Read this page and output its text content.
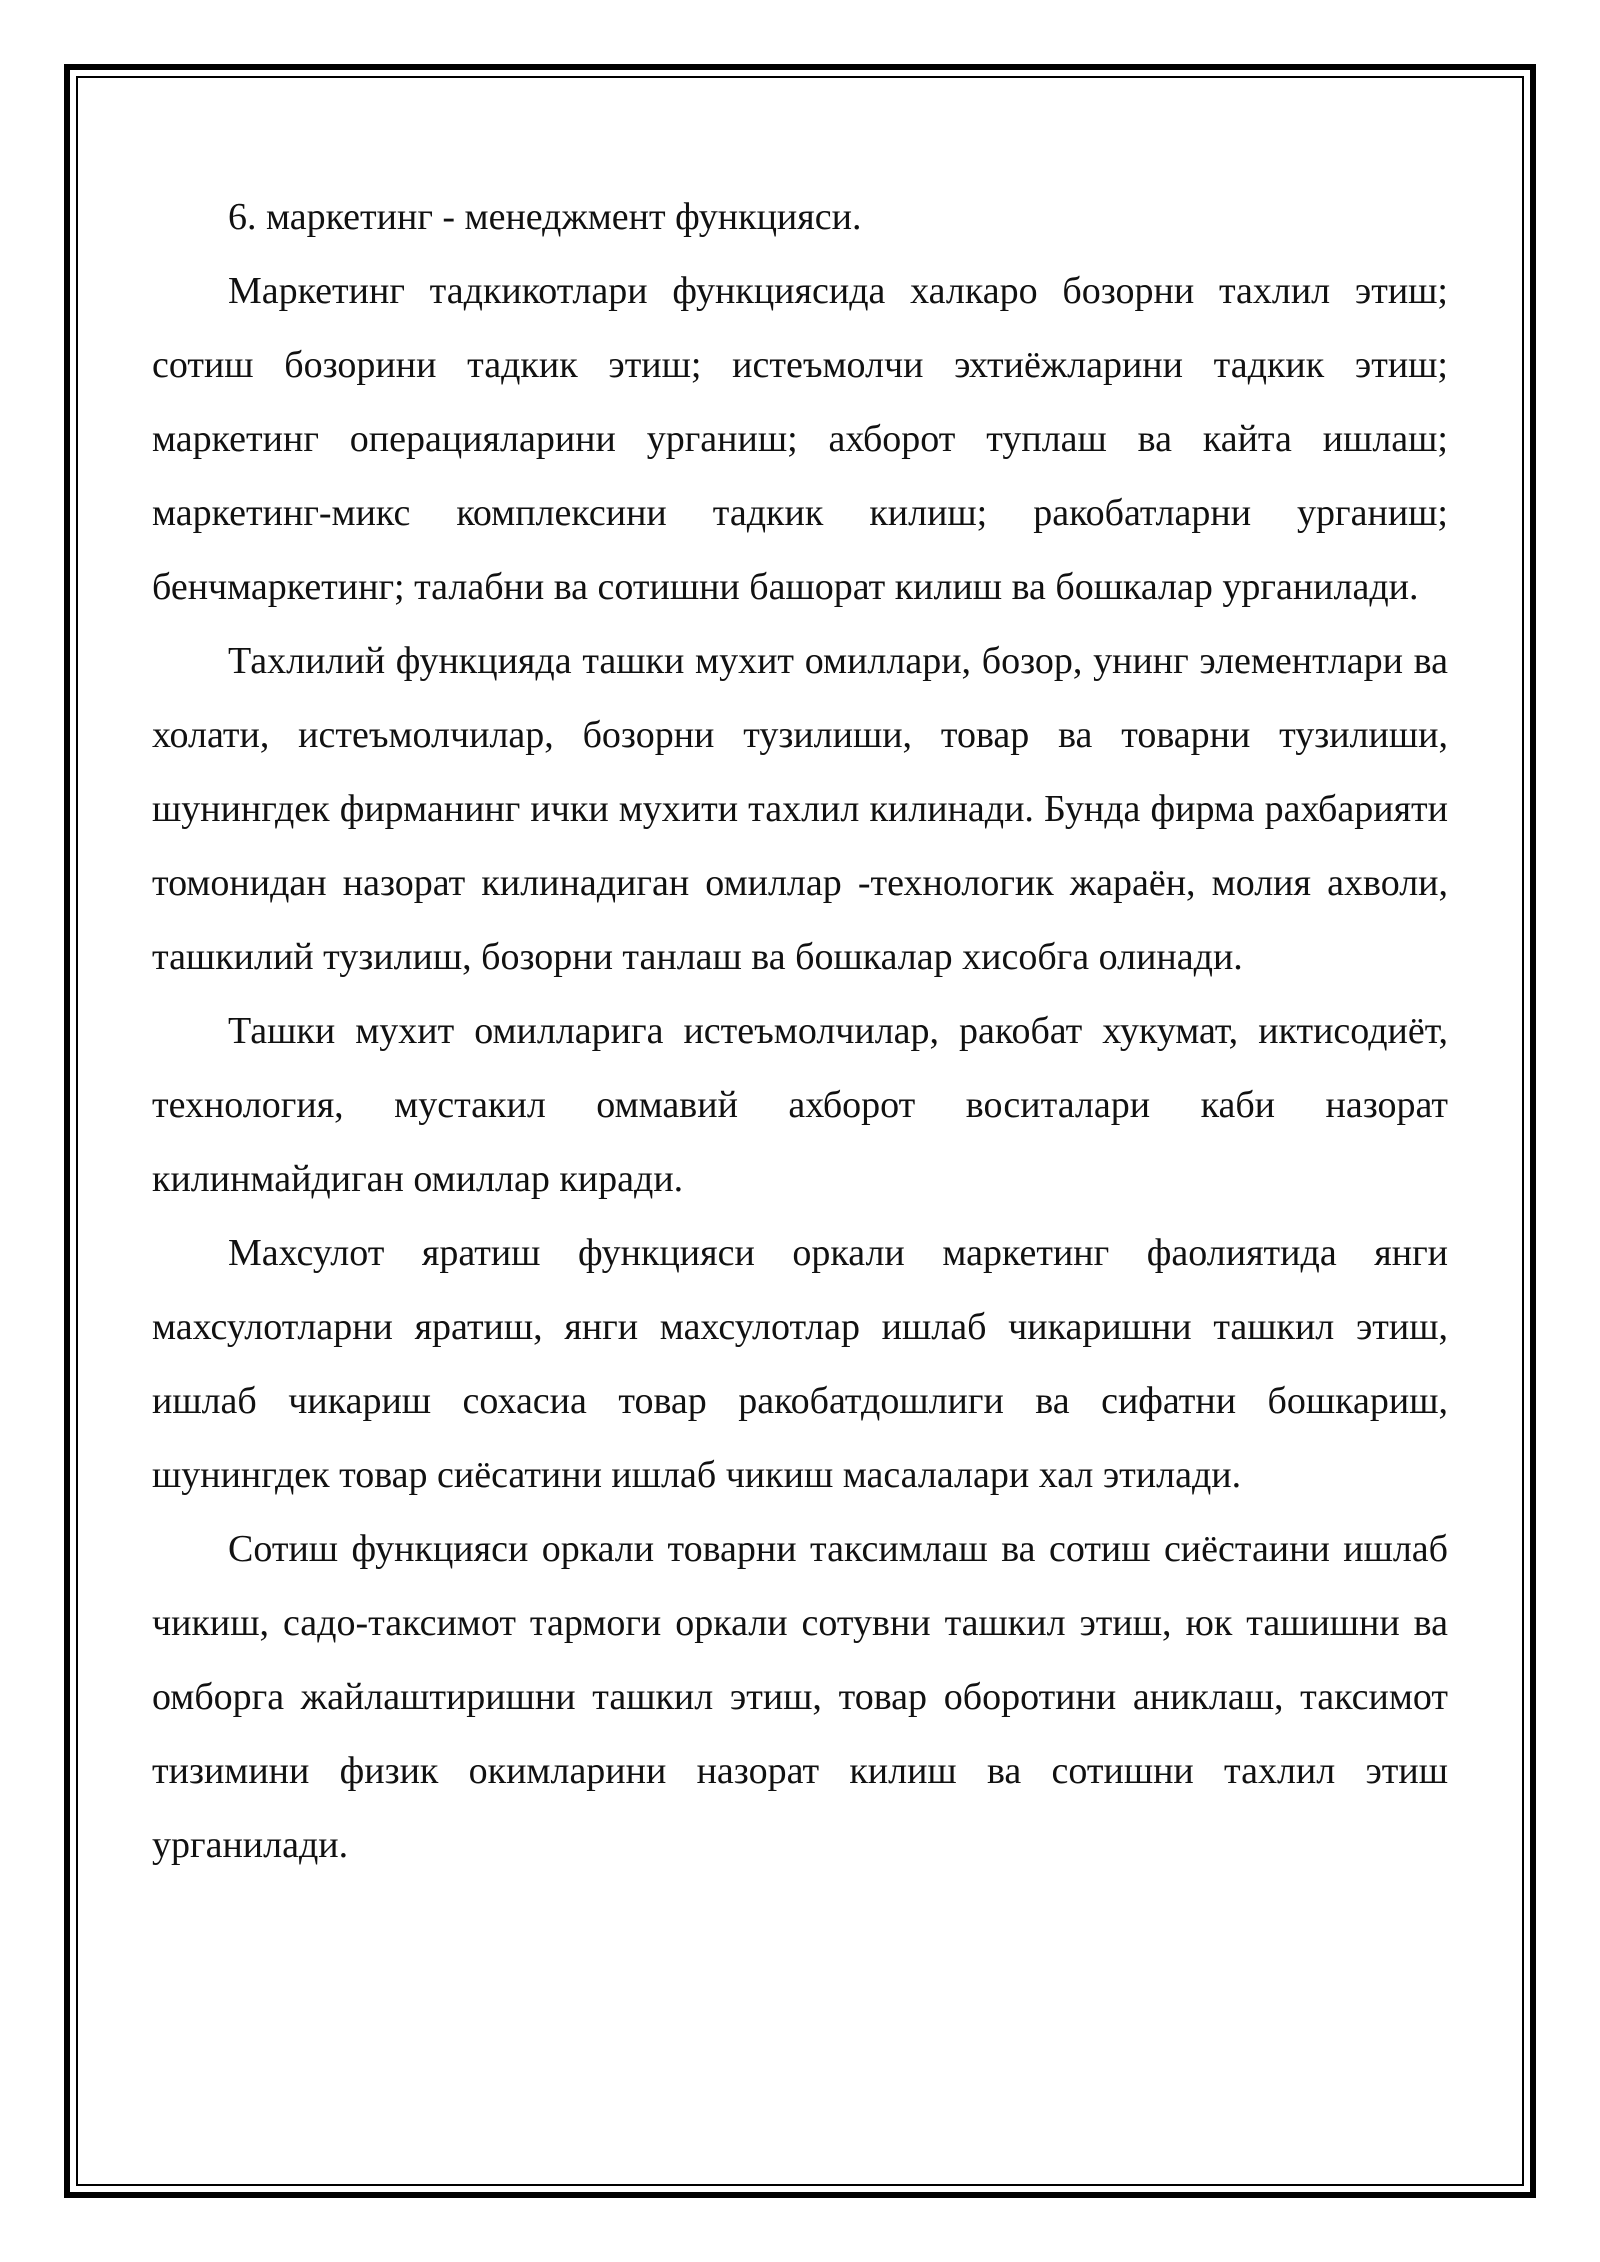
6. маркетинг - менеджмент функцияси.

Маркетинг тадкикотлари функциясида халкаро бозорни тахлил этиш; сотиш бозорини тадкик этиш; истеъмолчи эхтиёжларини тадкик этиш; маркетинг операцияларини урганиш; ахборот туплаш ва кайта ишлаш; маркетинг-микс комплексини тадкик килиш; ракобатларни урганиш; бенчмаркетинг; талабни ва сотишни башорат килиш ва бошкалар урганилади.

Тахлилий функцияда ташки мухит омиллари, бозор, унинг элементлари ва холати, истеъмолчилар, бозорни тузилиши, товар ва товарни тузилиши, шунингдек фирманинг ички мухити тахлил килинади. Бунда фирма рахбарияти томонидан назорат килинадиган омиллар -технологик жараён, молия ахволи, ташкилий тузилиш, бозорни танлаш ва бошкалар хисобга олинади.

Ташки мухит омилларига истеъмолчилар, ракобат хукумат, иктисодиёт, технология, мустакил оммавий ахборот воситалари каби назорат килинмайдиган омиллар киради.

Махсулот яратиш функцияси оркали маркетинг фаолиятида янги махсулотларни яратиш, янги махсулотлар ишлаб чикаришни ташкил этиш, ишлаб чикариш сохасиа товар ракобатдошлиги ва сифатни бошкариш, шунингдек товар сиёсатини ишлаб чикиш масалалари хал этилади.

Сотиш функцияси оркали товарни таксимлаш ва сотиш сиёстаини ишлаб чикиш, садо-таксимот тармоги оркали сотувни ташкил этиш, юк ташишни ва омборга жайлаштиришни ташкил этиш, товар оборотини аниклаш, таксимот тизимини физик окимларини назорат килиш ва сотишни тахлил этиш урганилади.
